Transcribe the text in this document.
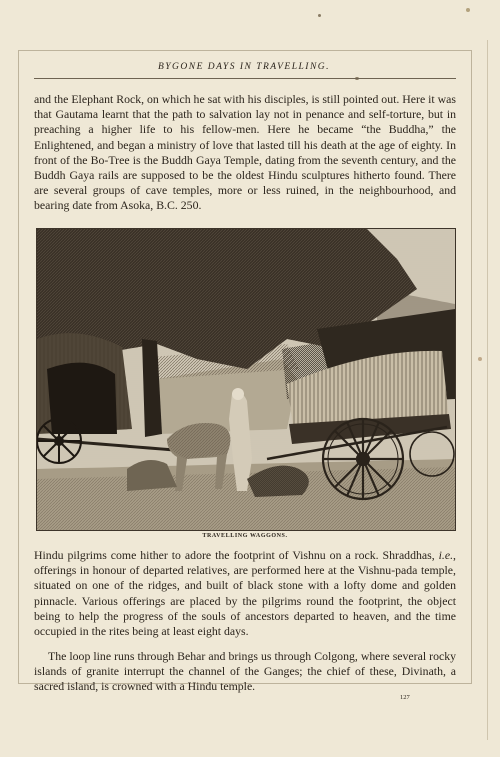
BYGONE DAYS IN TRAVELLING.

and the Elephant Rock, on which he sat with his disciples, is still pointed out. Here it was that Gautama learnt that the path to salvation lay not in penance and self-torture, but in preaching a higher life to his fellow-men. Here he became “the Buddha,” the Enlightened, and began a ministry of love that lasted till his death at the age of eighty. In front of the Bo-Tree is the Buddh Gaya Temple, dating from the seventh century, and the Buddh Gaya rails are supposed to be the oldest Hindu sculptures hitherto found. There are several groups of cave temples, more or less ruined, in the neighbourhood, and bearing date from Asoka, B.C. 250.

TRAVELLING WAGGONS.

Hindu pilgrims come hither to adore the footprint of Vishnu on a rock. Shraddhas, i.e., offerings in honour of departed relatives, are performed here at the Vishnu-pada temple, situated on one of the ridges, and built of black stone with a lofty dome and golden pinnacle. Various offerings are placed by the pilgrims round the footprint, the object being to help the progress of the souls of ancestors departed to heaven, and the time occupied in the rites being at least eight days.

The loop line runs through Behar and brings us through Colgong, where several rocky islands of granite interrupt the channel of the Ganges; the chief of these, Divinath, a sacred island, is crowned with a Hindu temple.

127
